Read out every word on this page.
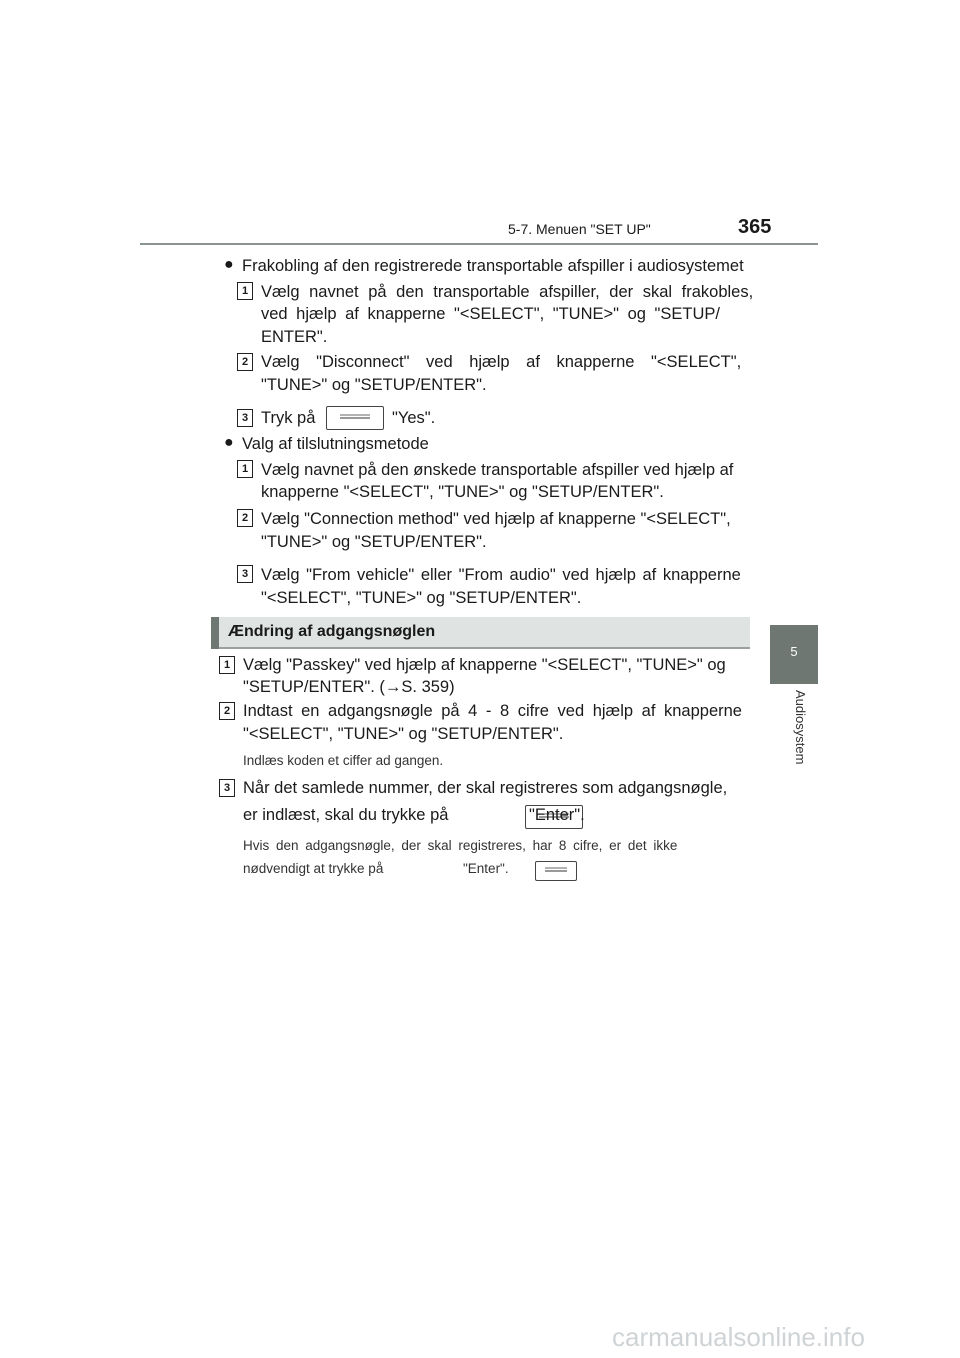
5-7. Menuen "SET UP"	365
5
Audiosystem
● Frakobling af den registrerede transportable afspiller i audiosystemet
1 Vælg navnet på den transportable afspiller, der skal frakobles,
ved hjælp af knapperne "<SELECT", "TUNE>" og "SETUP/
ENTER".
2 Vælg "Disconnect" ved hjælp af knapperne "<SELECT",
"TUNE>" og "SETUP/ENTER".
3 Tryk på
	"Yes".
● Valg af tilslutningsmetode
1 Vælg navnet på den ønskede transportable afspiller ved hjælp af
knapperne "<SELECT", "TUNE>" og "SETUP/ENTER".
2 Vælg "Connection method" ved hjælp af knapperne "<SELECT",
"TUNE>" og "SETUP/ENTER".
3 Vælg "From vehicle" eller "From audio" ved hjælp af knapperne
"<SELECT", "TUNE>" og "SETUP/ENTER".
Ændring af adgangsnøglen
1 Vælg "Passkey" ved hjælp af knapperne "<SELECT", "TUNE>" og
"SETUP/ENTER". (→S. 359)
2 Indtast en adgangsnøgle på 4 - 8 cifre ved hjælp af knapperne
"<SELECT", "TUNE>" og "SETUP/ENTER".
Indlæs koden et ciffer ad gangen.
3 Når det samlede nummer, der skal registreres som adgangsnøgle,
er indlæst, skal du trykke på
	"Enter".
Hvis den adgangsnøgle, der skal registreres, har 8 cifre, er det ikke
nødvendigt at trykke på	"Enter".
carmanualsonline.info
